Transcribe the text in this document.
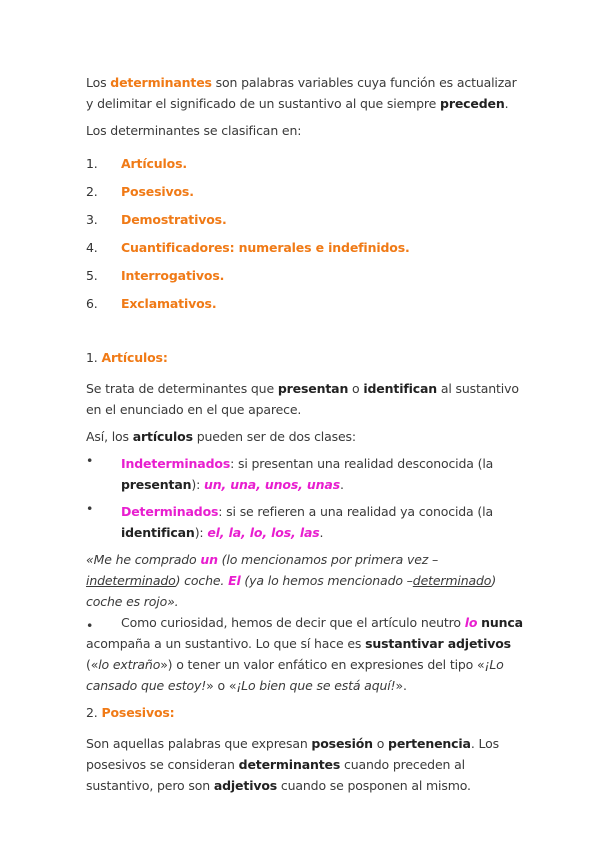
Los determinantes son palabras variables cuya función es actualizar y delimitar el significado de un sustantivo al que siempre preceden.

Los determinantes se clasifican en:

1.	Artículos.
2.	Posesivos.
3.	Demostrativos.
4.	Cuantificadores: numerales e indefinidos.
5.	Interrogativos.
6.	Exclamativos.

1. Artículos:

Se trata de determinantes que presentan o identifican al sustantivo en el enunciado en el que aparece.

Así, los artículos pueden ser de dos clases:

•	Indeterminados: si presentan una realidad desconocida (la presentan): un, una, unos, unas.

•	Determinados: si se refieren a una realidad ya conocida (la identifican): el, la, lo, los, las.

«Me he comprado un (lo mencionamos por primera vez –indeterminado) coche. El (ya lo hemos mencionado –determinado) coche es rojo».

•	Como curiosidad, hemos de decir que el artículo neutro lo nunca acompaña a un sustantivo. Lo que sí hace es sustantivar adjetivos («lo extraño») o tener un valor enfático en expresiones del tipo «¡Lo cansado que estoy!» o «¡Lo bien que se está aquí!».

2. Posesivos:

Son aquellas palabras que expresan posesión o pertenencia. Los posesivos se consideran determinantes cuando preceden al sustantivo, pero son adjetivos cuando se posponen al mismo.
